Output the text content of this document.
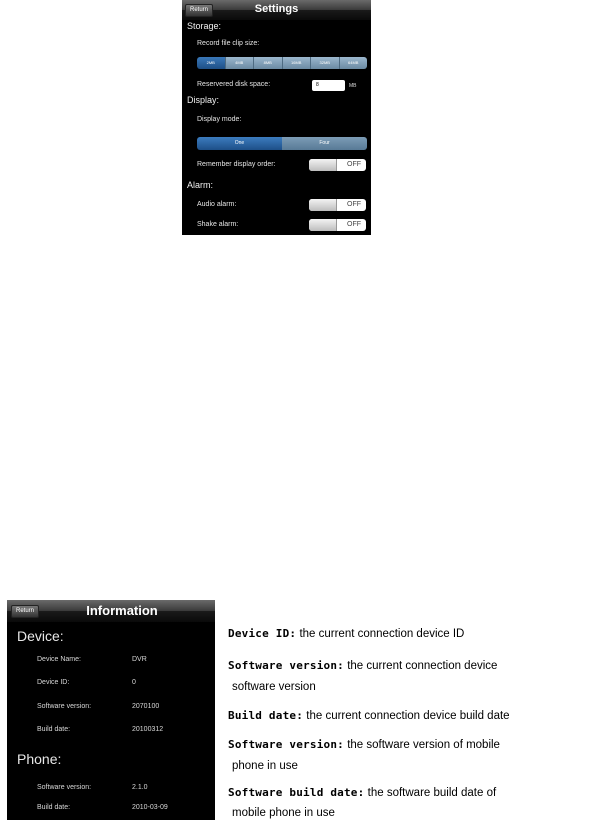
Return	Settings
Storage:
Record file clip size:
2MB	4MB	8MB	16MB	32MB	64MB
Reservered disk space:	8	MB
Display:
Display mode:
One	Four
Remember display order:	OFF
Alarm:
Audio alarm:	OFF
Shake alarm:	OFF
Return	Information
Device:
Device Name:	DVR
Device ID:	0
Software version:	2070100
Build date:	20100312
Phone:
Software version:	2.1.0
Build date:	2010-03-09
Device ID: the current connection device ID
Software version: the current connection device
software version
Build date: the current connection device build date
Software version: the software version of mobile
phone in use
Software build date: the software build date of
mobile phone in use
